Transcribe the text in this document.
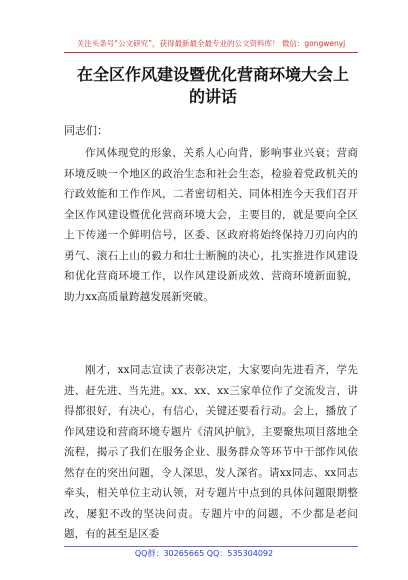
关注头条号“公文研究”，获得最新最全最专业的公文资料库！ 微信：gongwenyj
在全区作风建设暨优化营商环境大会上的讲话
同志们：

作风体现党的形象，关系人心向背，影响事业兴衰；营商环境反映一个地区的政治生态和社会生态，检验着党政机关的行政效能和工作作风，二者密切相关、同体相连今天我们召开全区作风建设暨优化营商环境大会，主要目的，就是要向全区上下传递一个鲜明信号，区委、区政府将始终保持刀刃向内的勇气、滚石上山的毅力和壮士断腕的决心，扎实推进作风建设和优化营商环境工作，以作风建设新成效、营商环境新面貌，助力xx高质量跨越发展新突破。

刚才，xx同志宣读了表彰决定，大家要向先进看齐，学先进、赶先进、当先进。xx、xx、xx三家单位作了交流发言，讲得都很好，有决心，有信心，关键还要看行动。会上，播放了作风建设和营商环境专题片《清风护航》，主要聚焦项目落地全流程，揭示了我们在服务企业、服务群众等环节中干部作风依然存在的突出问题，令人深思，发人深省。请xx同志、xx同志牵头，相关单位主动认领，对专题片中点到的具体问题限期整改，屡犯不改的坚决问责。专题片中的问题，不少都是老问题，有的甚至是区委

QQ群：30265665 QQ：535304092
